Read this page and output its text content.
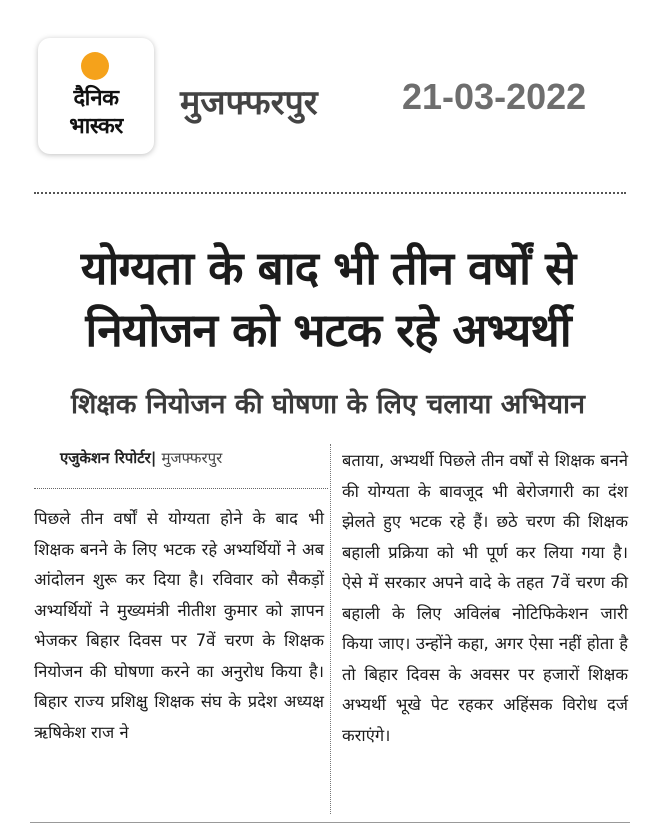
दैनिक
भास्कर
मुजफ्फरपुर 21-03-2022
योग्यता के बाद भी तीन वर्षों से
नियोजन को भटक रहे अभ्यर्थी
शिक्षक नियोजन की घोषणा के लिए चलाया अभियान
एजुकेशन रिपोर्टर| मुजफ्फरपुर
पिछले तीन वर्षों से योग्यता होने के बाद भी शिक्षक बनने के लिए भटक रहे अभ्यर्थियों ने अब आंदोलन शुरू कर दिया है। रविवार को सैकड़ों अभ्यर्थियों ने मुख्यमंत्री नीतीश कुमार को ज्ञापन भेजकर बिहार दिवस पर 7वें चरण के शिक्षक नियोजन की घोषणा करने का अनुरोध किया है। बिहार राज्य प्रशिक्षु शिक्षक संघ के प्रदेश अध्यक्ष ऋषिकेश राज ने
बताया, अभ्यर्थी पिछले तीन वर्षों से शिक्षक बनने की योग्यता के बावजूद भी बेरोजगारी का दंश झेलते हुए भटक रहे हैं। छठे चरण की शिक्षक बहाली प्रक्रिया को भी पूर्ण कर लिया गया है। ऐसे में सरकार अपने वादे के तहत 7वें चरण की बहाली के लिए अविलंब नोटिफिकेशन जारी किया जाए। उन्होंने कहा, अगर ऐसा नहीं होता है तो बिहार दिवस के अवसर पर हजारों शिक्षक अभ्यर्थी भूखे पेट रहकर अहिंसक विरोध दर्ज कराएंगे।
